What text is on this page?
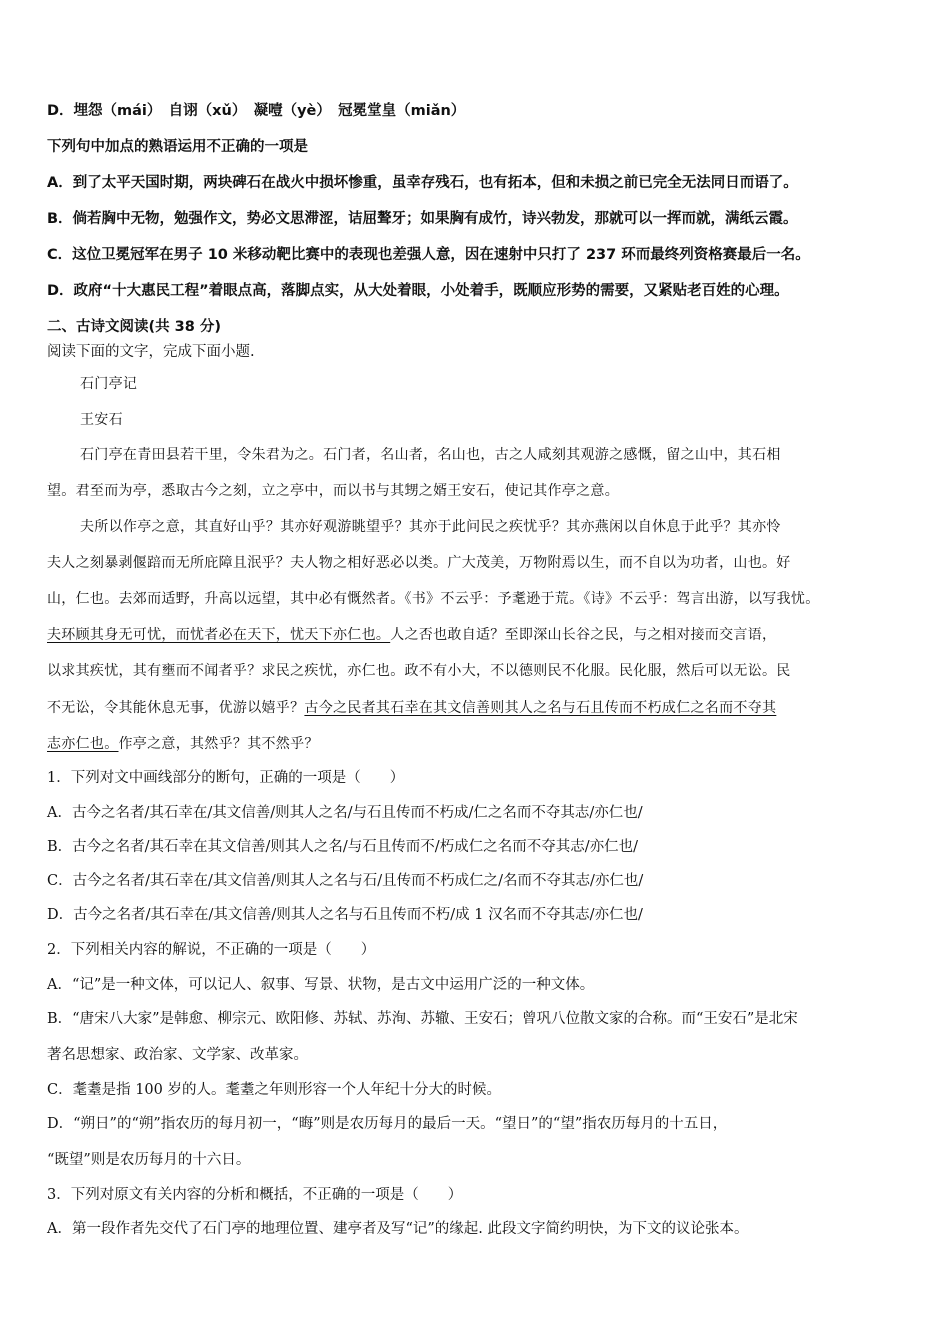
D．埋怨（mái）　自诩（xǔ）　凝噎（yè）　冠冕堂皇（miǎn）
下列句中加点的熟语运用不正确的一项是
A．到了太平天国时期，两块碑石在战火中损坏惨重，虽幸存残石，也有拓本，但和未损之前已完全无法同日而语了。
B．倘若胸中无物，勉强作文，势必文思滞涩，诘屈聱牙；如果胸有成竹，诗兴勃发，那就可以一挥而就，满纸云霞。
C．这位卫冕冠军在男子 10 米移动靶比赛中的表现也差强人意，因在速射中只打了 237 环而最终列资格赛最后一名。
D．政府“十大惠民工程”着眼点高，落脚点实，从大处着眼，小处着手，既顺应形势的需要，又紧贴老百姓的心理。
二、古诗文阅读(共 38 分)
阅读下面的文字，完成下面小题.
石门亭记
王安石
石门亭在青田县若干里，令朱君为之。石门者，名山者，名山也，古之人咸刻其观游之感慨，留之山中，其石相
望。君至而为亭，悉取古今之刻，立之亭中，而以书与其甥之婿王安石，使记其作亭之意。
夫所以作亭之意，其直好山乎？其亦好观游眺望乎？其亦于此问民之疾忧乎？其亦燕闲以自休息于此乎？其亦怜
夫人之刻暴剥偃踣而无所庇障且泯乎？夫人物之相好恶必以类。广大茂美，万物附焉以生，而不自以为功者，山也。好
山，仁也。去郊而适野，升高以远望，其中必有慨然者。《书》不云乎：予耄逊于荒。《诗》不云乎：驾言出游，以写我忧。
夫环顾其身无可忧，而忧者必在天下，忧天下亦仁也。人之否也敢自适？至即深山长谷之民，与之相对接而交言语，
以求其疾忧，其有壅而不闻者乎？求民之疾忧，亦仁也。政不有小大，不以德则民不化服。民化服，然后可以无讼。民
不无讼，令其能休息无事，优游以嬉乎？古今之民者其石幸在其文信善则其人之名与石且传而不朽成仁之名而不夺其
志亦仁也。作亭之意，其然乎？其不然乎？
1．下列对文中画线部分的断句，正确的一项是（　　）
A．古今之名者/其石幸在/其文信善/则其人之名/与石且传而不朽成/仁之名而不夺其志/亦仁也/
B．古今之名者/其石幸在其文信善/则其人之名/与石且传而不/朽成仁之名而不夺其志/亦仁也/
C．古今之名者/其石幸在/其文信善/则其人之名与石/且传而不朽成仁之/名而不夺其志/亦仁也/
D．古今之名者/其石幸在/其文信善/则其人之名与石且传而不朽/成 1 汉名而不夺其志/亦仁也/
2．下列相关内容的解说，不正确的一项是（　　）
A．“记”是一种文体，可以记人、叙事、写景、状物，是古文中运用广泛的一种文体。
B．“唐宋八大家”是韩愈、柳宗元、欧阳修、苏轼、苏洵、苏辙、王安石；曾巩八位散文家的合称。而“王安石”是北宋
著名思想家、政治家、文学家、改革家。
C．耄耋是指 100 岁的人。耄耋之年则形容一个人年纪十分大的时候。
D．“朔日”的“朔”指农历的每月初一，“晦”则是农历每月的最后一天。“望日”的“望”指农历每月的十五日，
“既望”则是农历每月的十六日。
3．下列对原文有关内容的分析和概括，不正确的一项是（　　）
A．第一段作者先交代了石门亭的地理位置、建亭者及写“记”的缘起. 此段文字简约明快，为下文的议论张本。
